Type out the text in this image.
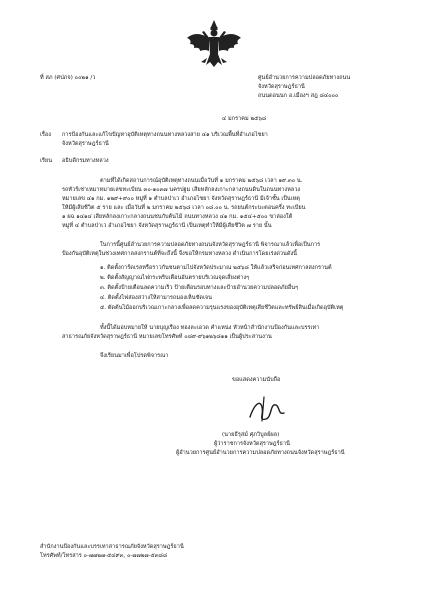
ที่ สภ (ศปภจ) ๐๐๒๑ /ว	ศูนย์อำนวยการความปลอดภัยทางถนน
จังหวัดสุราษฎร์ธานี
ถนนดอนนก อ.เมืองฯ สฎ ๘๔๐๐๐
๔ มกราคม ๒๕๖๘
เรื่อง การป้องกันและแก้ไขปัญหาอุบัติเหตุทางถนนทางหลวงสาย ๔๑ บริเวณพื้นที่อำเภอไชยา
จังหวัดสุราษฎร์ธานี
เรียน อธิบดีกรมทางหลวง
ตามที่ได้เกิดสถานการณ์อุบัติเหตุทางถนนเมื่อวันที่ ๑ มกราคม ๒๕๖๘ เวลา ๑๙.๓๐ น.
รถทัวร์เช่าเหมาหมายเลขทะเบียน ๓๐-๑๐๓๗ นครปฐม เสียหลักลงเกาะกลางถนนดินในถนนทางหลวง
หมายเลข ๔๑ กม. ๑๒๙+๙๐๐ หมู่ที่ ๑ ตำบลป่าเว อำเภอไชยา จังหวัดสุราษฎร์ธานี มีเจ้าชั้น เป็นเหตุ
ให้มีผู้เสียชีวิต ๕ ราย และ เมื่อวันที่ ๒ มกราคม ๒๕๖๘ เวลา ๐๘.๐๐ น. รถยนต์กระบะตอนครึ่ง ทะเบียน
๑ ผฉ ๑๔๑๔ เสียหลักลงเกาะกลางถนนชนกับต้นไม้ ถนนทางหลวง ๔๑ กม. ๑๕๔+๕๐๐ ขาล่องใต้
หมู่ที่ ๔ ตำบลป่าเว อำเภอไชยา จังหวัดสุราษฎร์ธานี เป็นเหตุทำให้มีผู้เสียชีวิต ๗ ราย นั้น
ในการนี้ศูนย์อำนวยการความปลอดภัยทางถนนจังหวัดสุราษฎร์ธานี พิจารณาแล้วเพื่อเป็นการ
ป้องกันอุบัติเหตุในช่วงเทศกาลสงกรานต์ที่จะถึงนี้ จึงขอให้กรมทางหลวง ดำเนินการโดยเร่งด่วนดังนี้
๑. ติดตั้งการ์ดเรลหรือราวกันชนตามไปจังหวัดประมาณ ๒๕๖๘ ให้แล้วเสร็จก่อนเทศกาลสงกรานต์
๒. ติดตั้งสัญญาณไฟกระพริบเตือนอันตรายบริเวณจุดเสี่ยงต่างๆ
๓. ติดตั้งป้ายเตือนลดความเร็ว ป้ายเตือนรอบทางและป้ายอำนวยความปลอดภัยอื่นๆ
๔. ติดตั้งไฟส่องสว่างให้สามารถมองเห็นชัดเจน
๕. ตัดต้นไม้ออกบริเวณเกาะกลางเพื่อลดความรุนแรงของอุบัติเหตุเสียชีวิตและทรัพย์สินเมื่อเกิดอุบัติเหตุ
ทั้งนี้ได้มอบหมายให้ นายบุญเรือง ทองละเอวด คำแหน่ง หัวหน้าสำนักงานป้องกันและบรรเทา
สาธารณภัยจังหวัดสุราษฎร์ธานี หมายเลขโทรศัพท์ ๐๘๙-๙๖๑๒๖๘๑๑ เป็นผู้ประสานงาน
จึงเรียนมาเพื่อโปรดพิจารณา
ขอแสดงความนับถือ
(นายธีรุสม์ ศุภวิบูลย์ผล)
ผู้ว่าราชการจังหวัดสุราษฎร์ธานี
ผู้อำนวยการศูนย์อำนวยการความปลอดภัยทางถนนจังหวัดสุราษฎร์ธานี
สำนักงานป้องกันและบรรเทาสาธารณภัยจังหวัดสุราษฎร์ธานี
โทรศัพท์/โทรสาร ๐-๗๗๒๗-๕๔๙๓, ๐-๗๗๒๗-๕๓๘๘
